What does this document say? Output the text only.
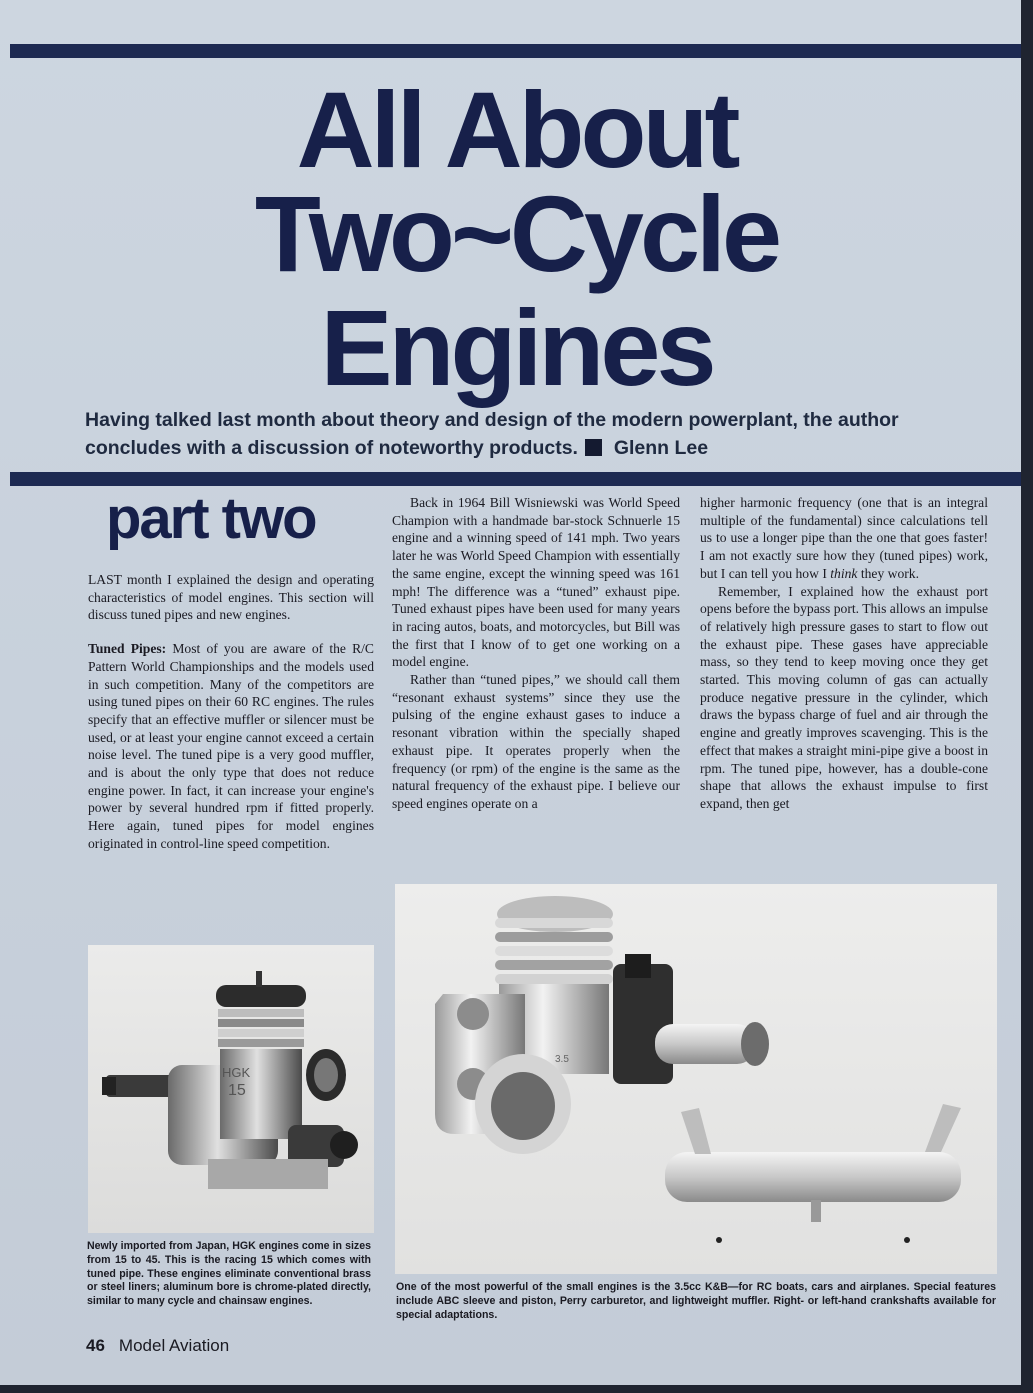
All About
Two~Cycle
Engines
Having talked last month about theory and design of the modern powerplant, the author concludes with a discussion of noteworthy products. Glenn Lee
part two

LAST month I explained the design and operating characteristics of model engines. This section will discuss tuned pipes and new engines.

Tuned Pipes: Most of you are aware of the R/C Pattern World Championships and the models used in such competition. Many of the competitors are using tuned pipes on their 60 RC engines. The rules specify that an effective muffler or silencer must be used, or at least your engine cannot exceed a certain noise level. The tuned pipe is a very good muffler, and is about the only type that does not reduce engine power. In fact, it can increase your engine's power by several hundred rpm if fitted properly. Here again, tuned pipes for model engines originated in control-line speed competition.

Back in 1964 Bill Wisniewski was World Speed Champion with a handmade bar-stock Schnuerle 15 engine and a winning speed of 141 mph. Two years later he was World Speed Champion with essentially the same engine, except the winning speed was 161 mph! The difference was a “tuned” exhaust pipe. Tuned exhaust pipes have been used for many years in racing autos, boats, and motorcycles, but Bill was the first that I know of to get one working on a model engine.

Rather than “tuned pipes,” we should call them “resonant exhaust systems” since they use the pulsing of the engine exhaust gases to induce a resonant vibration within the specially shaped exhaust pipe. It operates properly when the frequency (or rpm) of the engine is the same as the natural frequency of the exhaust pipe. I believe our speed engines operate on a

higher harmonic frequency (one that is an integral multiple of the fundamental) since calculations tell us to use a longer pipe than the one that goes faster! I am not exactly sure how they (tuned pipes) work, but I can tell you how I think they work.

Remember, I explained how the exhaust port opens before the bypass port. This allows an impulse of relatively high pressure gases to start to flow out the exhaust pipe. These gases have appreciable mass, so they tend to keep moving once they get started. This moving column of gas can actually produce negative pressure in the cylinder, which draws the bypass charge of fuel and air through the engine and greatly improves scavenging. This is the effect that makes a straight mini-pipe give a boost in rpm. The tuned pipe, however, has a double-cone shape that allows the exhaust impulse to first expand, then get

HGK
15
Newly imported from Japan, HGK engines come in sizes from 15 to 45. This is the racing 15 which comes with tuned pipe. These engines eliminate conventional brass or steel liners; aluminum bore is chrome-plated directly, similar to many cycle and chainsaw engines.
3.5
One of the most powerful of the small engines is the 3.5cc K&B—for RC boats, cars and airplanes. Special features include ABC sleeve and piston, Perry carburetor, and lightweight muffler. Right- or left-hand crankshafts available for special adaptations.
46 Model Aviation
